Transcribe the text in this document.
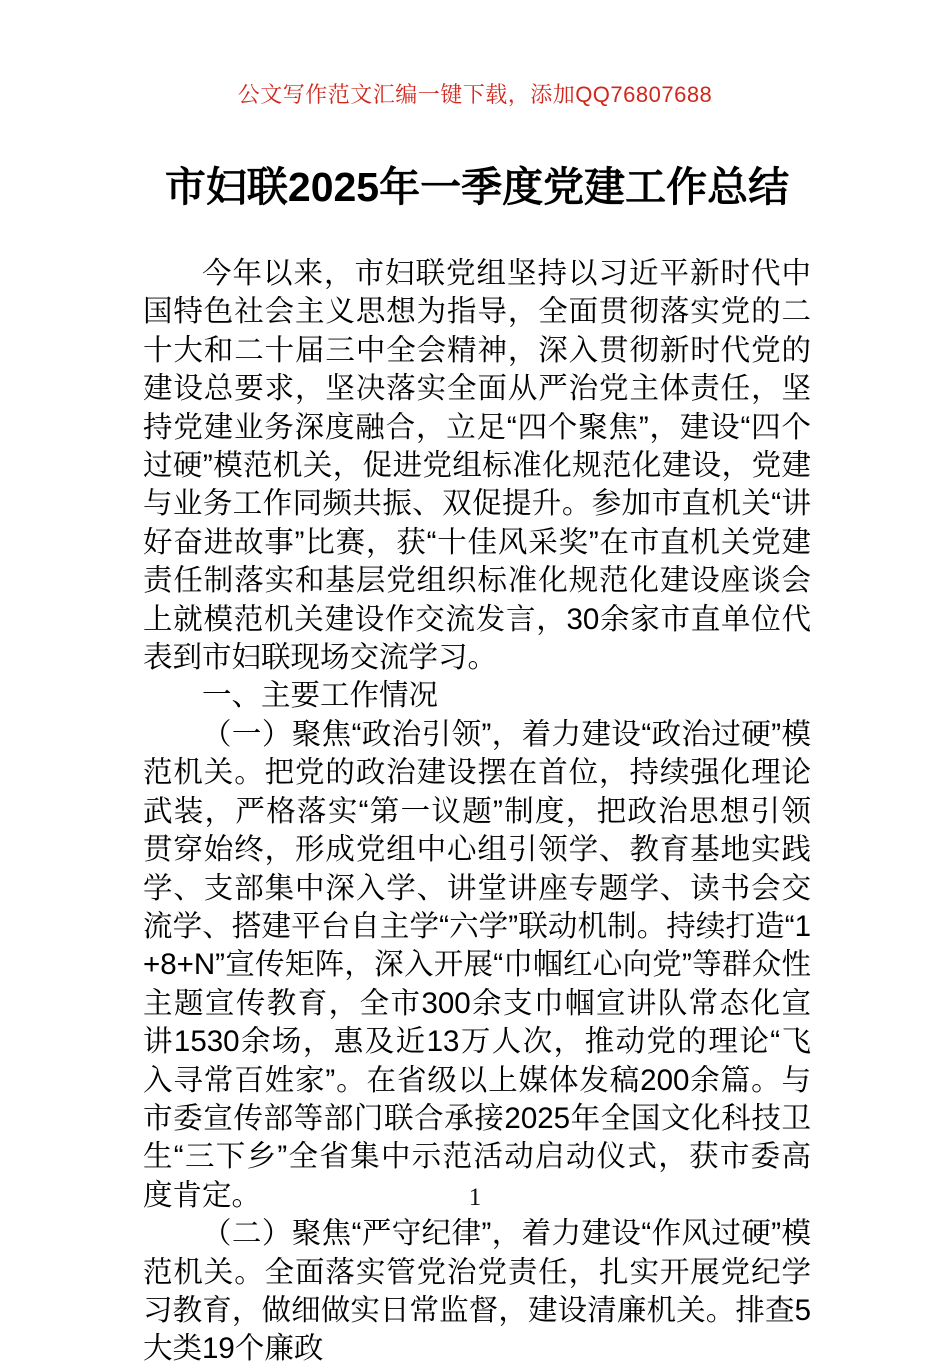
公文写作范文汇编一键下载，添加QQ76807688
市妇联2025年一季度党建工作总结

今年以来，市妇联党组坚持以习近平新时代中国特色社会主义思想为指导，全面贯彻落实党的二十大和二十届三中全会精神，深入贯彻新时代党的建设总要求，坚决落实全面从严治党主体责任，坚持党建业务深度融合，立足“四个聚焦”，建设“四个过硬”模范机关，促进党组标准化规范化建设，党建与业务工作同频共振、双促提升。参加市直机关“讲好奋进故事”比赛，获“十佳风采奖”在市直机关党建责任制落实和基层党组织标准化规范化建设座谈会上就模范机关建设作交流发言，30余家市直单位代表到市妇联现场交流学习。

一、主要工作情况

（一）聚焦“政治引领”，着力建设“政治过硬”模范机关。把党的政治建设摆在首位，持续强化理论武装，严格落实“第一议题”制度，把政治思想引领贯穿始终，形成党组中心组引领学、教育基地实践学、支部集中深入学、讲堂讲座专题学、读书会交流学、搭建平台自主学“六学”联动机制。持续打造“1+8+N”宣传矩阵，深入开展“巾帼红心向党”等群众性主题宣传教育，全市300余支巾帼宣讲队常态化宣讲1530余场，惠及近13万人次，推动党的理论“飞入寻常百姓家”。在省级以上媒体发稿200余篇。与市委宣传部等部门联合承接2025年全国文化科技卫生“三下乡”全省集中示范活动启动仪式，获市委高度肯定。

（二）聚焦“严守纪律”，着力建设“作风过硬”模范机关。全面落实管党治党责任，扎实开展党纪学习教育，做细做实日常监督，建设清廉机关。排查5大类19个廉政

1
